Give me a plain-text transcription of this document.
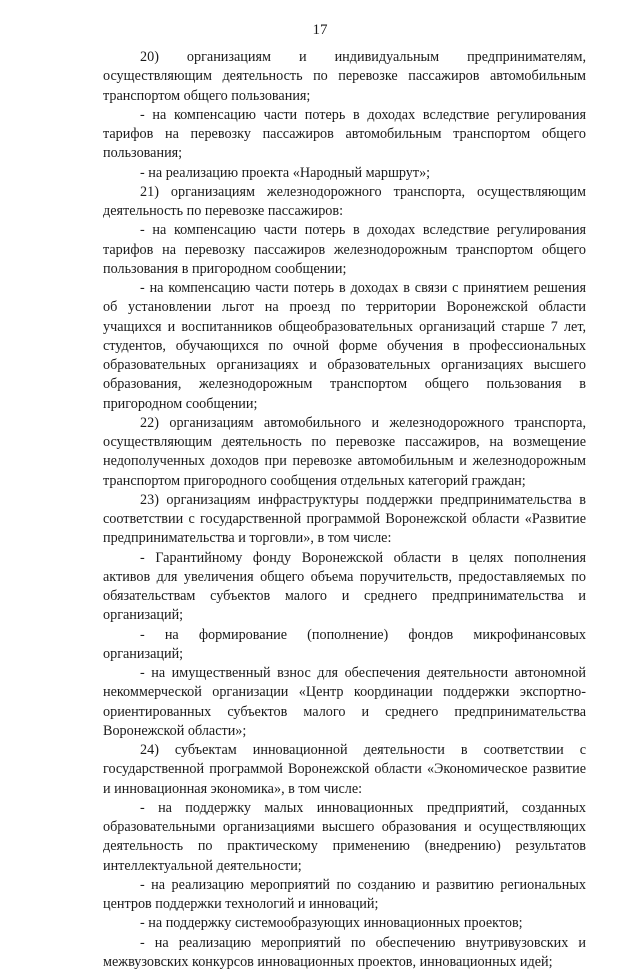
17

20) организациям и индивидуальным предпринимателям, осуществляющим деятельность по перевозке пассажиров автомобильным транспортом общего пользования;

- на компенсацию части потерь в доходах вследствие регулирования тарифов на перевозку пассажиров автомобильным транспортом общего пользования;

- на реализацию проекта «Народный маршрут»;

21) организациям железнодорожного транспорта, осуществляющим деятельность по перевозке пассажиров:

- на компенсацию части потерь в доходах вследствие регулирования тарифов на перевозку пассажиров железнодорожным транспортом общего пользования в пригородном сообщении;

- на компенсацию части потерь в доходах в связи с принятием решения об установлении льгот на проезд по территории Воронежской области учащихся и воспитанников общеобразовательных организаций старше 7 лет, студентов, обучающихся по очной форме обучения в профессиональных образовательных организациях и образовательных организациях высшего образования, железнодорожным транспортом общего пользования в пригородном сообщении;

22) организациям автомобильного и железнодорожного транспорта, осуществляющим деятельность по перевозке пассажиров, на возмещение недополученных доходов при перевозке автомобильным и железнодорожным транспортом пригородного сообщения отдельных категорий граждан;

23) организациям инфраструктуры поддержки предпринимательства в соответствии с государственной программой Воронежской области «Развитие предпринимательства и торговли», в том числе:

- Гарантийному фонду Воронежской области в целях пополнения активов для увеличения общего объема поручительств, предоставляемых по обязательствам субъектов малого и среднего предпринимательства и организаций;

- на формирование (пополнение) фондов микрофинансовых организаций;

- на имущественный взнос для обеспечения деятельности автономной некоммерческой организации «Центр координации поддержки экспортно-ориентированных субъектов малого и среднего предпринимательства Воронежской области»;

24) субъектам инновационной деятельности в соответствии с государственной программой Воронежской области «Экономическое развитие и инновационная экономика», в том числе:

- на поддержку малых инновационных предприятий, созданных образовательными организациями высшего образования и осуществляющих деятельность по практическому применению (внедрению) результатов интеллектуальной деятельности;

- на реализацию мероприятий по созданию и развитию региональных центров поддержки технологий и инноваций;

- на поддержку системообразующих инновационных проектов;

- на реализацию мероприятий по обеспечению внутривузовских и межвузовских конкурсов инновационных проектов, инновационных идей;
